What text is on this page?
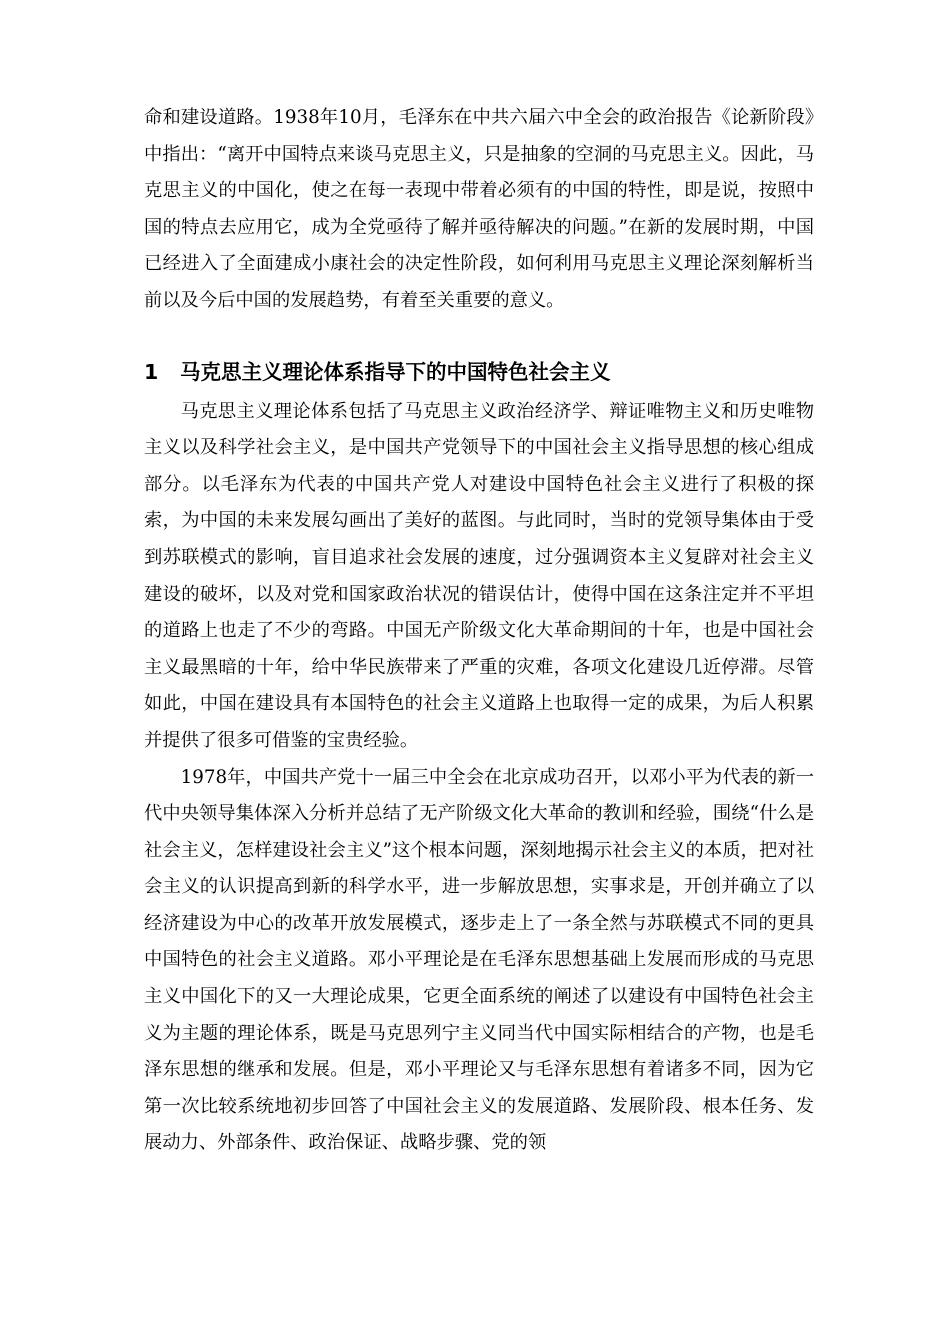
命和建设道路。1938年10月，毛泽东在中共六届六中全会的政治报告《论新阶段》中指出：“离开中国特点来谈马克思主义，只是抽象的空洞的马克思主义。因此，马克思主义的中国化，使之在每一表现中带着必须有的中国的特性，即是说，按照中国的特点去应用它，成为全党亟待了解并亟待解决的问题。”在新的发展时期，中国已经进入了全面建成小康社会的决定性阶段，如何利用马克思主义理论深刻解析当前以及今后中国的发展趋势，有着至关重要的意义。

1	马克思主义理论体系指导下的中国特色社会主义

马克思主义理论体系包括了马克思主义政治经济学、辩证唯物主义和历史唯物主义以及科学社会主义，是中国共产党领导下的中国社会主义指导思想的核心组成部分。以毛泽东为代表的中国共产党人对建设中国特色社会主义进行了积极的探索，为中国的未来发展勾画出了美好的蓝图。与此同时，当时的党领导集体由于受到苏联模式的影响，盲目追求社会发展的速度，过分强调资本主义复辟对社会主义建设的破坏，以及对党和国家政治状况的错误估计，使得中国在这条注定并不平坦的道路上也走了不少的弯路。中国无产阶级文化大革命期间的十年，也是中国社会主义最黑暗的十年，给中华民族带来了严重的灾难，各项文化建设几近停滞。尽管如此，中国在建设具有本国特色的社会主义道路上也取得一定的成果，为后人积累并提供了很多可借鉴的宝贵经验。

1978年，中国共产党十一届三中全会在北京成功召开，以邓小平为代表的新一代中央领导集体深入分析并总结了无产阶级文化大革命的教训和经验，围绕“什么是社会主义，怎样建设社会主义”这个根本问题，深刻地揭示社会主义的本质，把对社会主义的认识提高到新的科学水平，进一步解放思想，实事求是，开创并确立了以经济建设为中心的改革开放发展模式，逐步走上了一条全然与苏联模式不同的更具中国特色的社会主义道路。邓小平理论是在毛泽东思想基础上发展而形成的马克思主义中国化下的又一大理论成果，它更全面系统的阐述了以建设有中国特色社会主义为主题的理论体系，既是马克思列宁主义同当代中国实际相结合的产物，也是毛泽东思想的继承和发展。但是，邓小平理论又与毛泽东思想有着诸多不同，因为它第一次比较系统地初步回答了中国社会主义的发展道路、发展阶段、根本任务、发展动力、外部条件、政治保证、战略步骤、党的领
